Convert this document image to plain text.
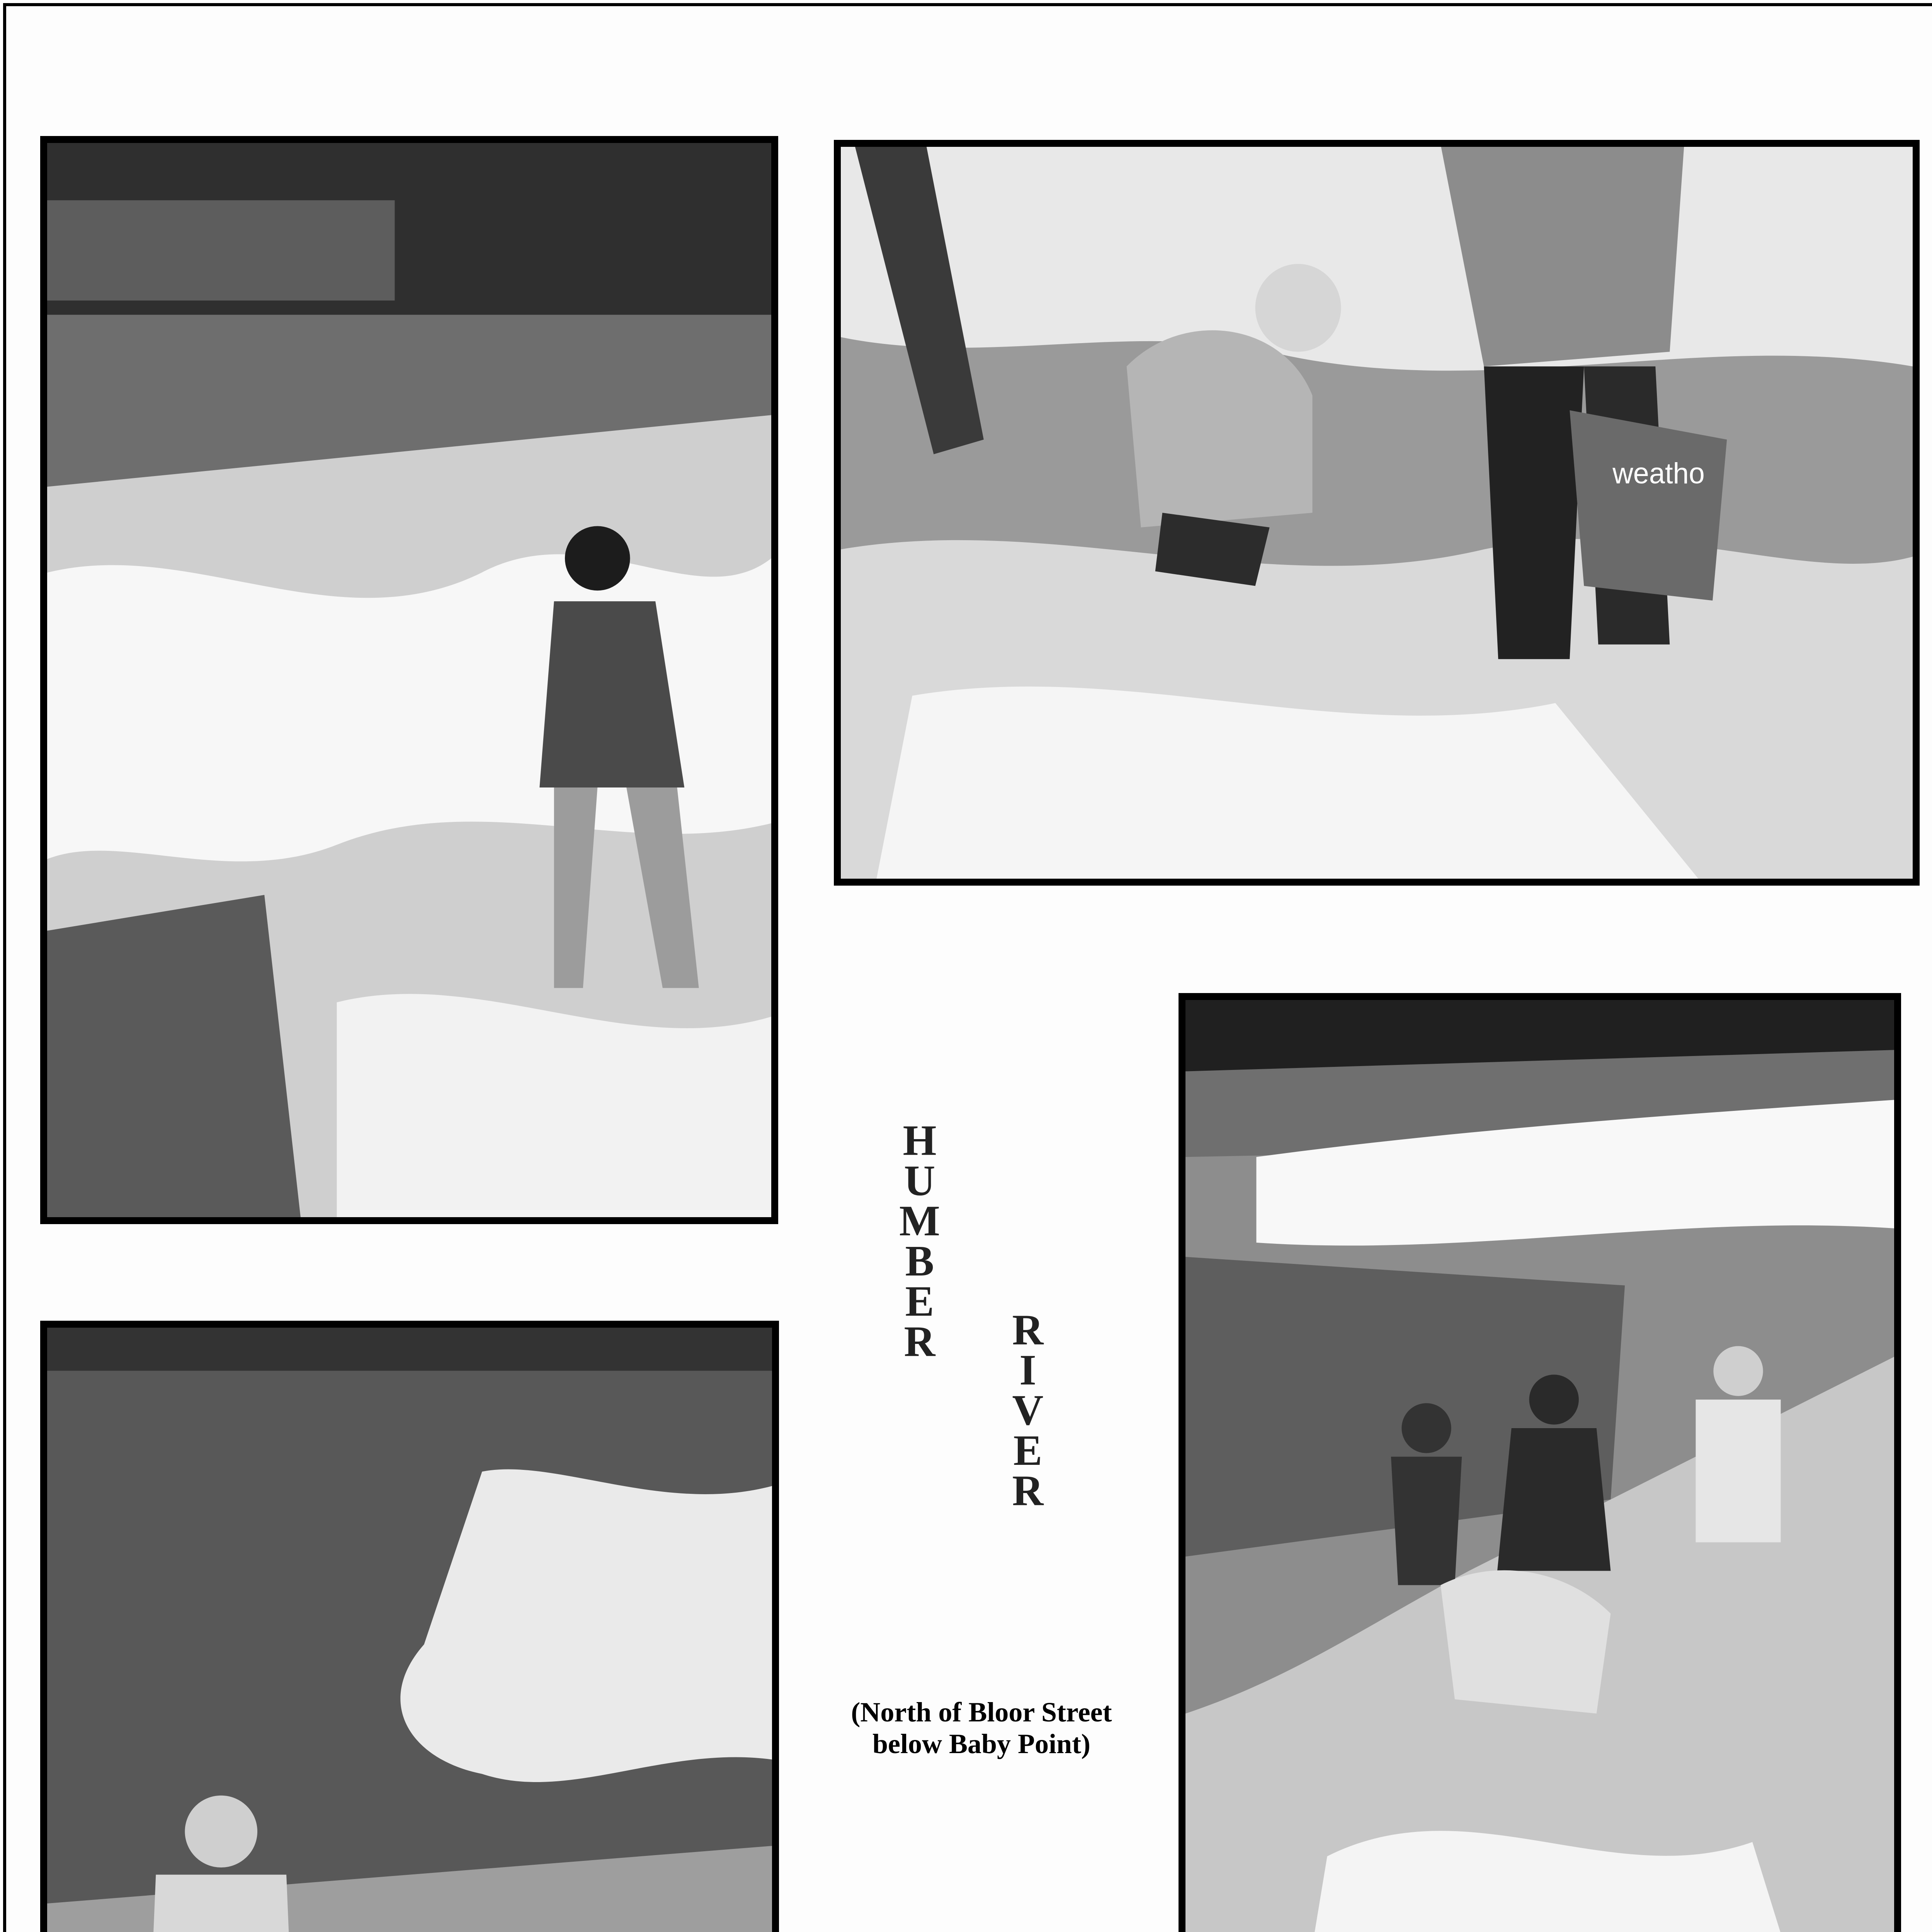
weatho
H
U
M
B
E
R R
I
V
E
R
(North of Bloor Street
below Baby Point)
